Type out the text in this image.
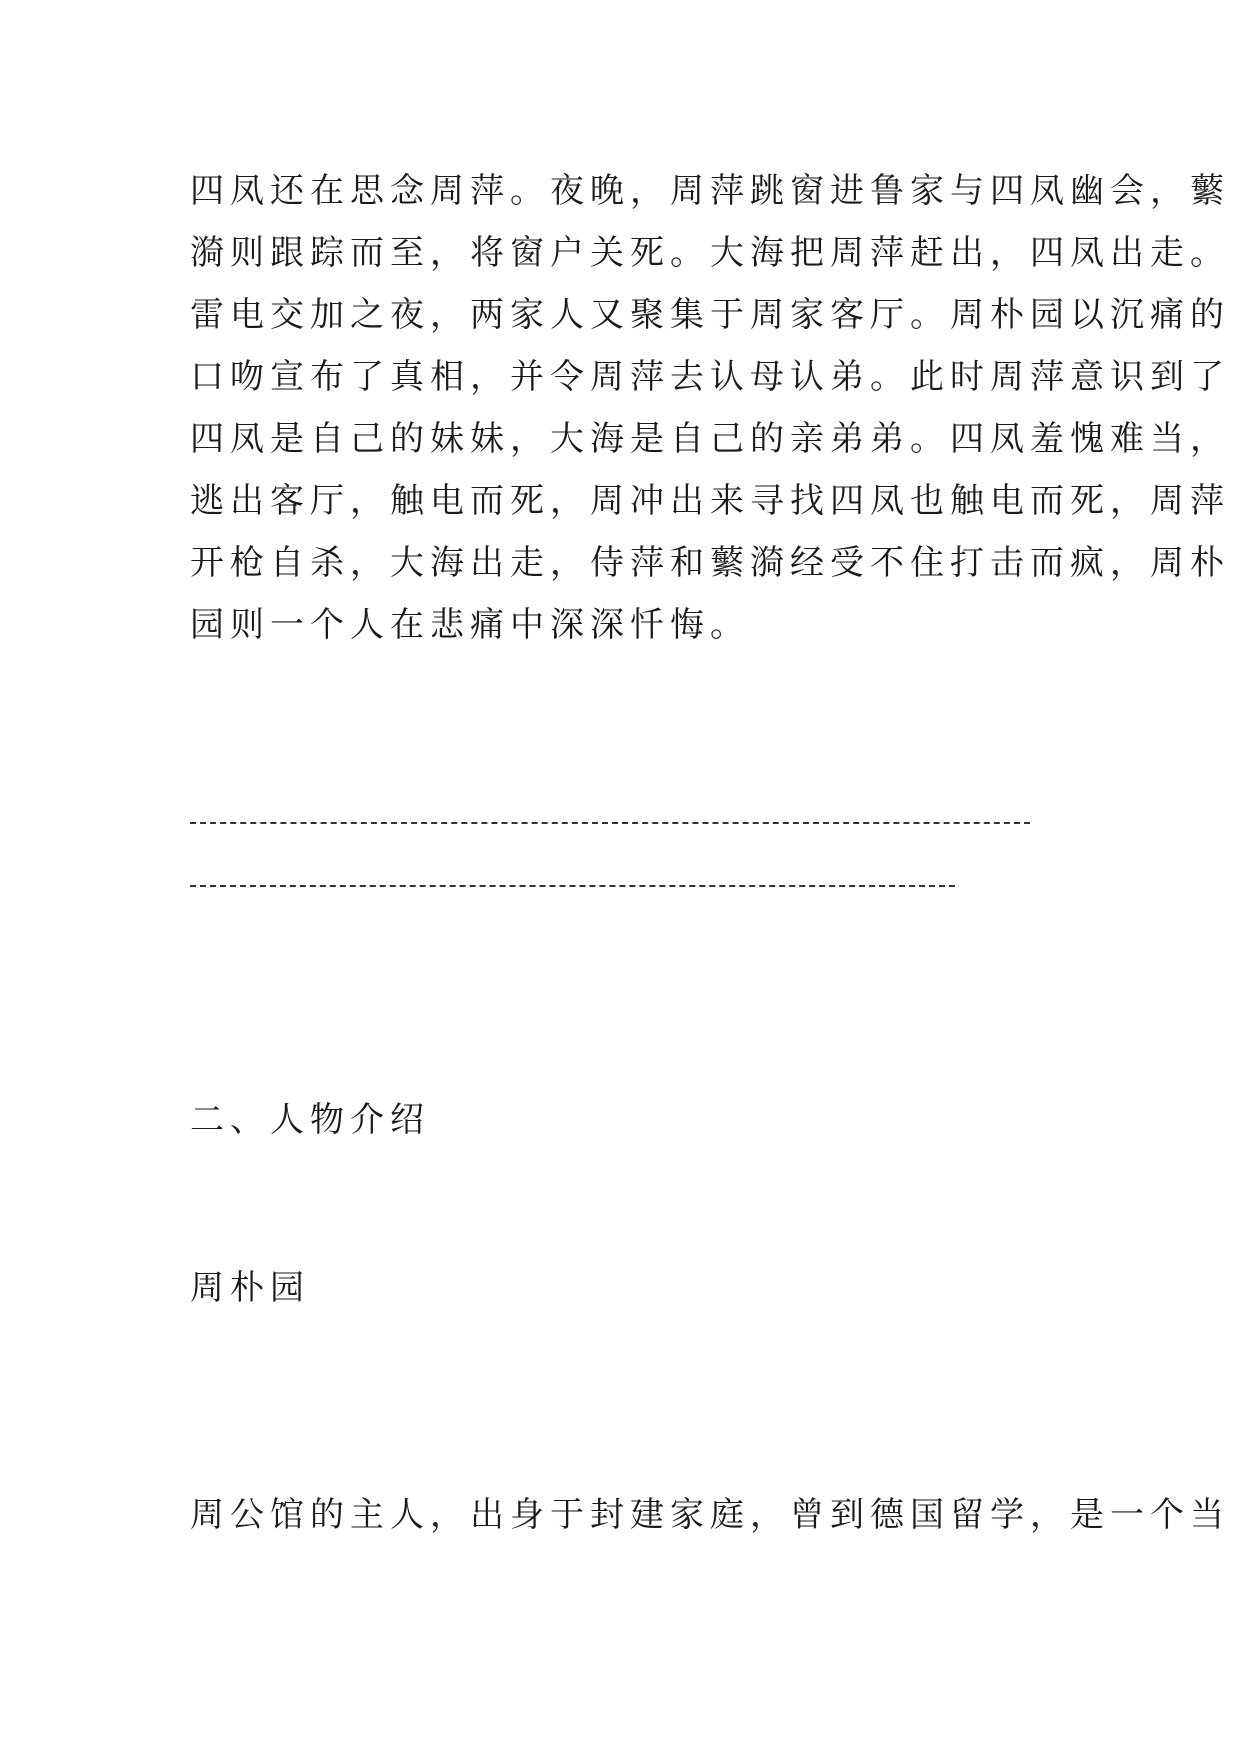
四凤还在思念周萍。夜晚，周萍跳窗进鲁家与四凤幽会，蘩
漪则跟踪而至，将窗户关死。大海把周萍赶出，四凤出走。
雷电交加之夜，两家人又聚集于周家客厅。周朴园以沉痛的
口吻宣布了真相，并令周萍去认母认弟。此时周萍意识到了
四凤是自己的妹妹，大海是自己的亲弟弟。四凤羞愧难当，
逃出客厅，触电而死，周冲出来寻找四凤也触电而死，周萍
开枪自杀，大海出走，侍萍和蘩漪经受不住打击而疯，周朴
园则一个人在悲痛中深深忏悔。
二、人物介绍
周朴园
周公馆的主人，出身于封建家庭，曾到德国留学，是一个当
